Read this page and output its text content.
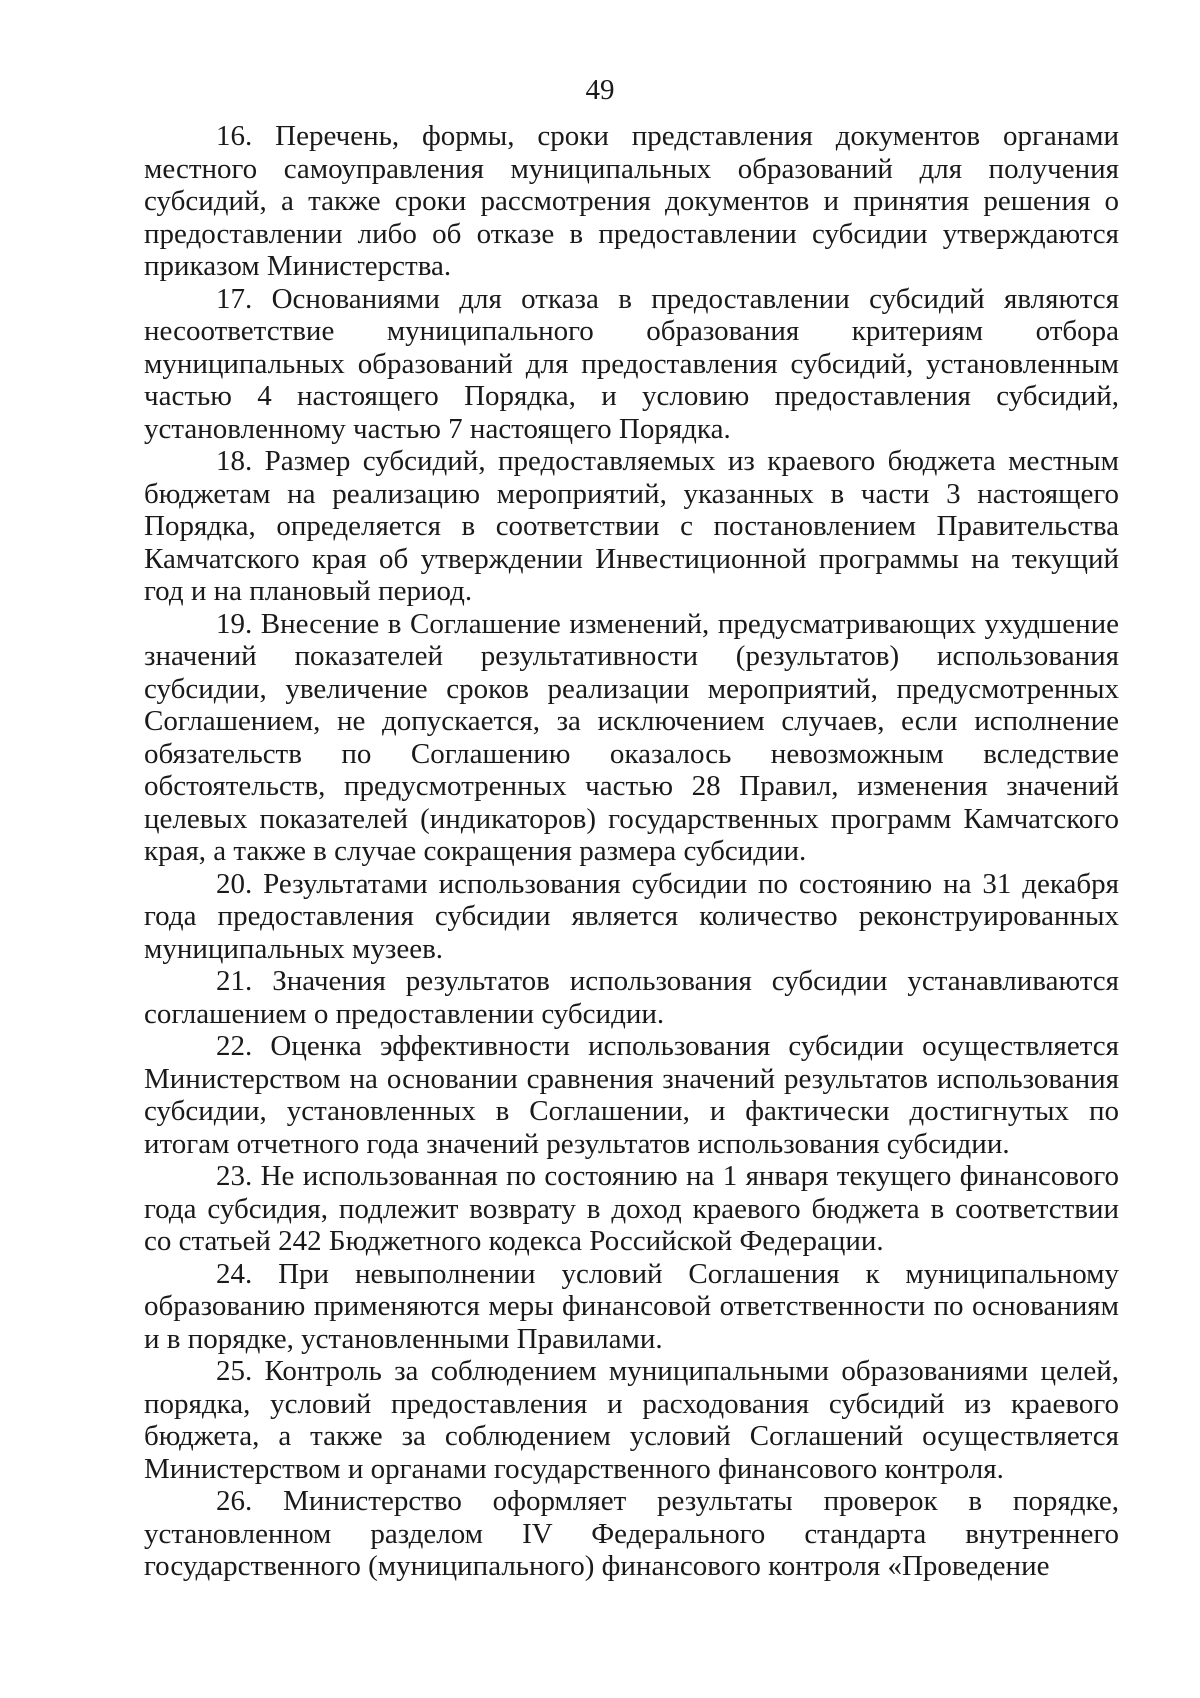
49

16. Перечень, формы, сроки представления документов органами местного самоуправления муниципальных образований для получения субсидий, а также сроки рассмотрения документов и принятия решения о предоставлении либо об отказе в предоставлении субсидии утверждаются приказом Министерства.

17. Основаниями для отказа в предоставлении субсидий являются несоответствие муниципального образования критериям отбора муниципальных образований для предоставления субсидий, установленным частью 4 настоящего Порядка, и условию предоставления субсидий, установленному частью 7 настоящего Порядка.

18. Размер субсидий, предоставляемых из краевого бюджета местным бюджетам на реализацию мероприятий, указанных в части 3 настоящего Порядка, определяется в соответствии с постановлением Правительства Камчатского края об утверждении Инвестиционной программы на текущий год и на плановый период.

19. Внесение в Соглашение изменений, предусматривающих ухудшение значений показателей результативности (результатов) использования субсидии, увеличение сроков реализации мероприятий, предусмотренных Соглашением, не допускается, за исключением случаев, если исполнение обязательств по Соглашению оказалось невозможным вследствие обстоятельств, предусмотренных частью 28 Правил, изменения значений целевых показателей (индикаторов) государственных программ Камчатского края, а также в случае сокращения размера субсидии.

20. Результатами использования субсидии по состоянию на 31 декабря года предоставления субсидии является количество реконструированных муниципальных музеев.

21. Значения результатов использования субсидии устанавливаются соглашением о предоставлении субсидии.

22. Оценка эффективности использования субсидии осуществляется Министерством на основании сравнения значений результатов использования субсидии, установленных в Соглашении, и фактически достигнутых по итогам отчетного года значений результатов использования субсидии.

23. Не использованная по состоянию на 1 января текущего финансового года субсидия, подлежит возврату в доход краевого бюджета в соответствии со статьей 242 Бюджетного кодекса Российской Федерации.

24. При невыполнении условий Соглашения к муниципальному образованию применяются меры финансовой ответственности по основаниям и в порядке, установленными Правилами.

25. Контроль за соблюдением муниципальными образованиями целей, порядка, условий предоставления и расходования субсидий из краевого бюджета, а также за соблюдением условий Соглашений осуществляется Министерством и органами государственного финансового контроля.

26. Министерство оформляет результаты проверок в порядке, установленном разделом IV Федерального стандарта внутреннего государственного (муниципального) финансового контроля «Проведение
